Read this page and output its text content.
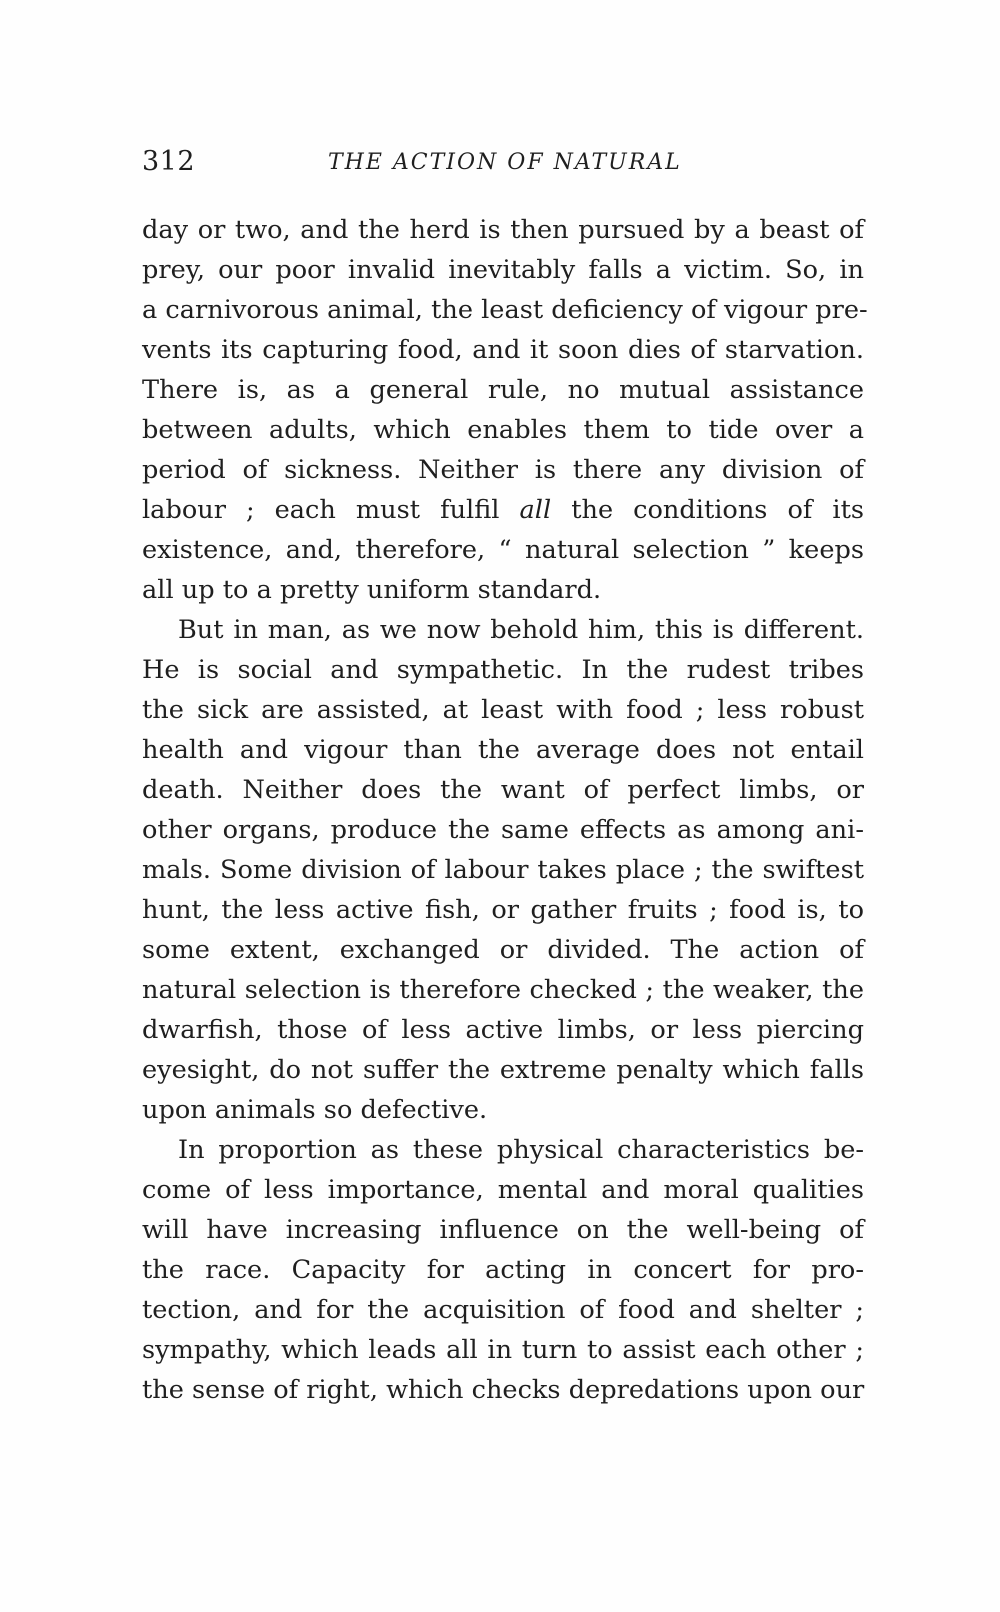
312	THE ACTION OF NATURAL
day or two, and the herd is then pursued by a beast of
prey, our poor invalid inevitably falls a victim. So, in
a carnivorous animal, the least deficiency of vigour pre-
vents its capturing food, and it soon dies of starvation.
There is, as a general rule, no mutual assistance
between adults, which enables them to tide over a
period of sickness. Neither is there any division of
labour ; each must fulfil all the conditions of its
existence, and, therefore, “ natural selection ” keeps
all up to a pretty uniform standard.
But in man, as we now behold him, this is different.
He is social and sympathetic. In the rudest tribes
the sick are assisted, at least with food ; less robust
health and vigour than the average does not entail
death. Neither does the want of perfect limbs, or
other organs, produce the same effects as among ani-
mals. Some division of labour takes place ; the swiftest
hunt, the less active fish, or gather fruits ; food is, to
some extent, exchanged or divided. The action of
natural selection is therefore checked ; the weaker, the
dwarfish, those of less active limbs, or less piercing
eyesight, do not suffer the extreme penalty which falls
upon animals so defective.
In proportion as these physical characteristics be-
come of less importance, mental and moral qualities
will have increasing influence on the well-being of
the race. Capacity for acting in concert for pro-
tection, and for the acquisition of food and shelter ;
sympathy, which leads all in turn to assist each other ;
the sense of right, which checks depredations upon our
